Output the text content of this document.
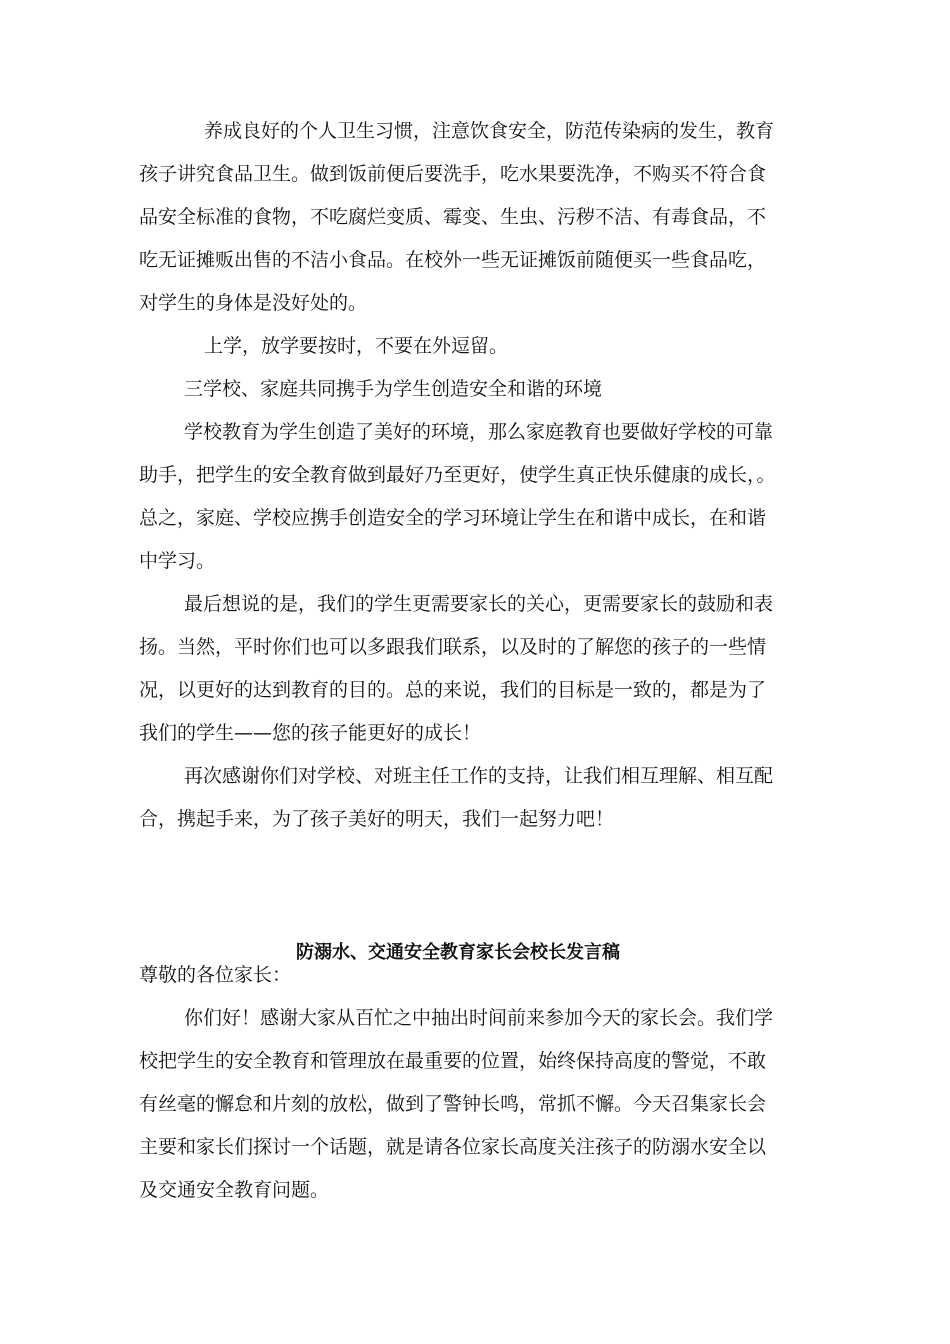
养成良好的个人卫生习惯，注意饮食安全，防范传染病的发生，教育
孩子讲究食品卫生。做到饭前便后要洗手，吃水果要洗净，不购买不符合食
品安全标准的食物，不吃腐烂变质、霉变、生虫、污秽不洁、有毒食品，不
吃无证摊贩出售的不洁小食品。在校外一些无证摊饭前随便买一些食品吃，
对学生的身体是没好处的。
上学，放学要按时，不要在外逗留。
三学校、家庭共同携手为学生创造安全和谐的环境
学校教育为学生创造了美好的环境，那么家庭教育也要做好学校的可靠
助手，把学生的安全教育做到最好乃至更好，使学生真正快乐健康的成长，。
总之，家庭、学校应携手创造安全的学习环境让学生在和谐中成长，在和谐
中学习。
最后想说的是，我们的学生更需要家长的关心，更需要家长的鼓励和表
扬。当然，平时你们也可以多跟我们联系，以及时的了解您的孩子的一些情
况，以更好的达到教育的目的。总的来说，我们的目标是一致的，都是为了
我们的学生——您的孩子能更好的成长！
再次感谢你们对学校、对班主任工作的支持，让我们相互理解、相互配
合，携起手来，为了孩子美好的明天，我们一起努力吧！
防溺水、交通安全教育家长会校长发言稿
尊敬的各位家长：
你们好！感谢大家从百忙之中抽出时间前来参加今天的家长会。我们学
校把学生的安全教育和管理放在最重要的位置，始终保持高度的警觉，不敢
有丝毫的懈怠和片刻的放松，做到了警钟长鸣，常抓不懈。今天召集家长会
主要和家长们探讨一个话题，就是请各位家长高度关注孩子的防溺水安全以
及交通安全教育问题。
